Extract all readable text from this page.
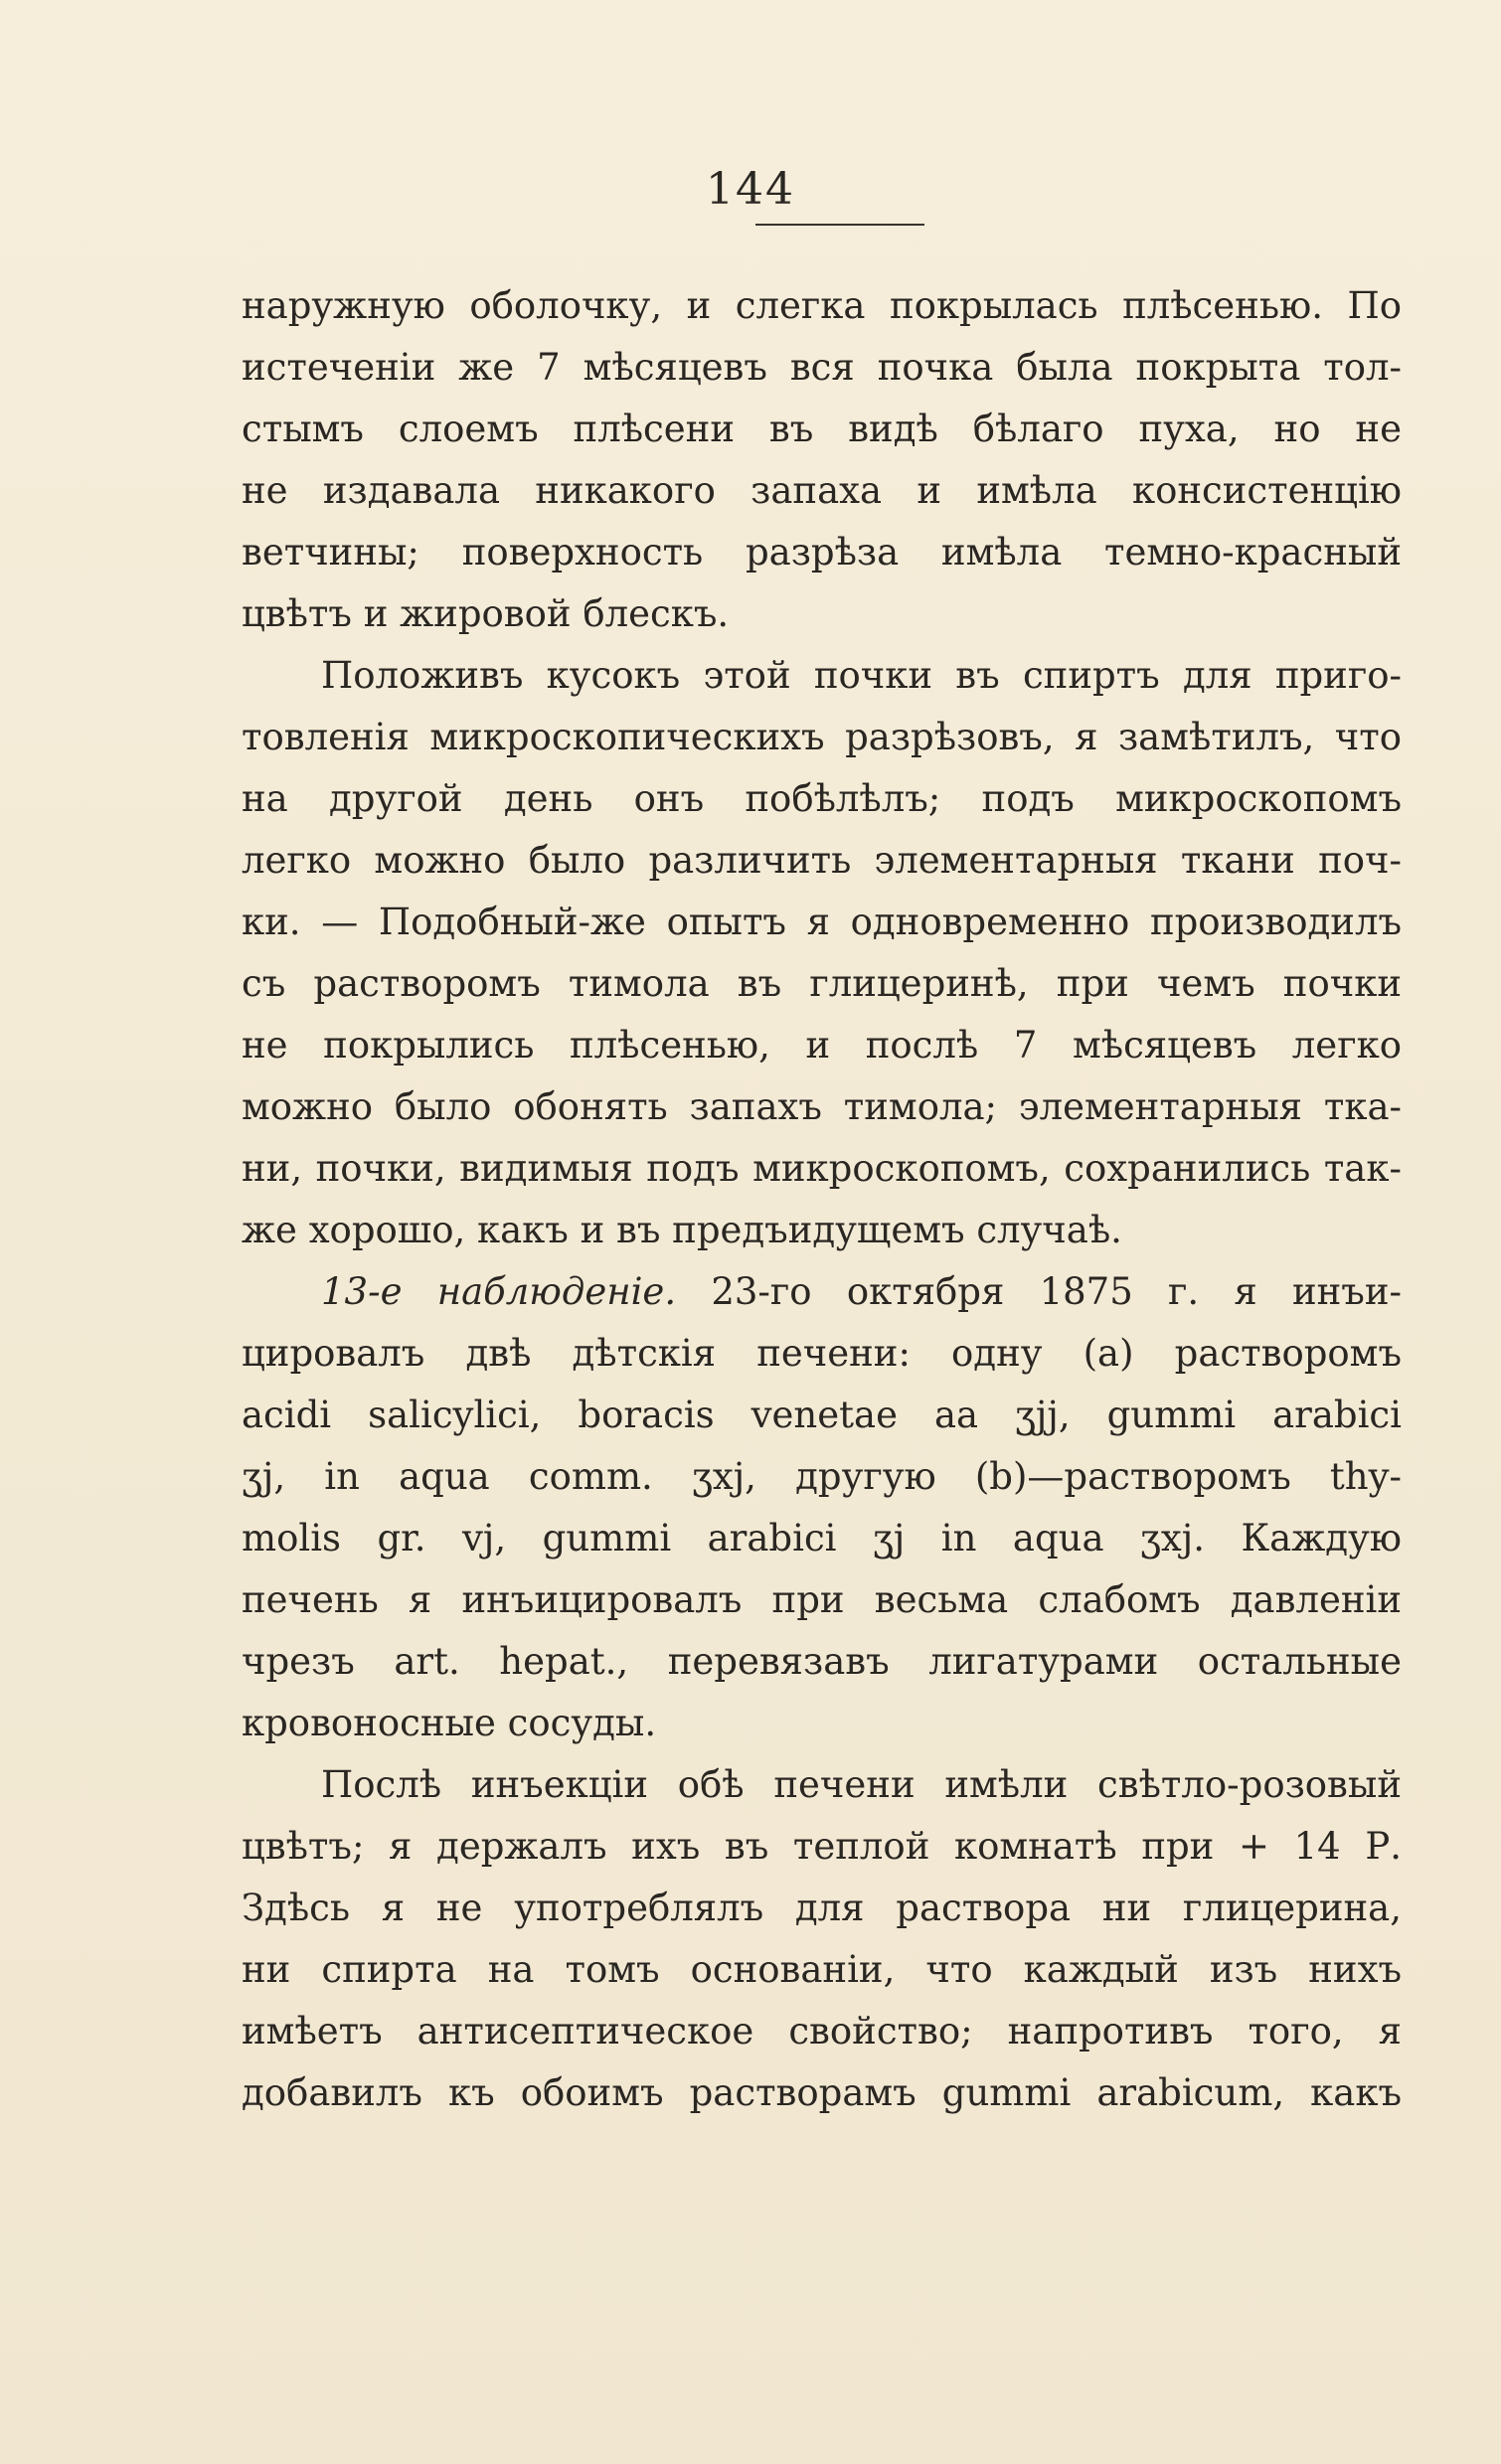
144
наружную оболочку, и слегка покрылась плѣсенью. По
истеченіи же 7 мѣсяцевъ вся почка была покрыта тол-
стымъ слоемъ плѣсени въ видѣ бѣлаго пуха, но не
не издавала никакого запаха и имѣла консистенцію
ветчины; поверхность разрѣза имѣла темно-красный
цвѣтъ и жировой блескъ.
Положивъ кусокъ этой почки въ спиртъ для приго-
товленія микроскопическихъ разрѣзовъ, я замѣтилъ, что
на другой день онъ побѣлѣлъ; подъ микроскопомъ
легко можно было различить элементарныя ткани поч-
ки. — Подобный-же опытъ я одновременно производилъ
съ растворомъ тимола въ глицеринѣ, при чемъ почки
не покрылись плѣсенью, и послѣ 7 мѣсяцевъ легко
можно было обонять запахъ тимола; элементарныя тка-
ни, почки, видимыя подъ микроскопомъ, сохранились так-
же хорошо, какъ и въ предъидущемъ случаѣ.
13-е наблюденіе. 23-го октября 1875 г. я инъи-
цировалъ двѣ дѣтскія печени: одну (a) растворомъ
acidi salicylici, boracis venetae aa ʒjj, gummi arabici
ʒj, in aqua comm. ʒxj, другую (b)—растворомъ thy-
molis gr. vj, gummi arabici ʒj in aqua ʒxj. Каждую
печень я инъицировалъ при весьма слабомъ давленіи
чрезъ art. hepat., перевязавъ лигатурами остальные
кровоносные сосуды.
Послѣ инъекціи обѣ печени имѣли свѣтло-розовый
цвѣтъ; я держалъ ихъ въ теплой комнатѣ при + 14 Р.
Здѣсь я не употреблялъ для раствора ни глицерина,
ни спирта на томъ основаніи, что каждый изъ нихъ
имѣетъ антисептическое свойство; напротивъ того, я
добавилъ къ обоимъ растворамъ gummi arabicum, какъ
